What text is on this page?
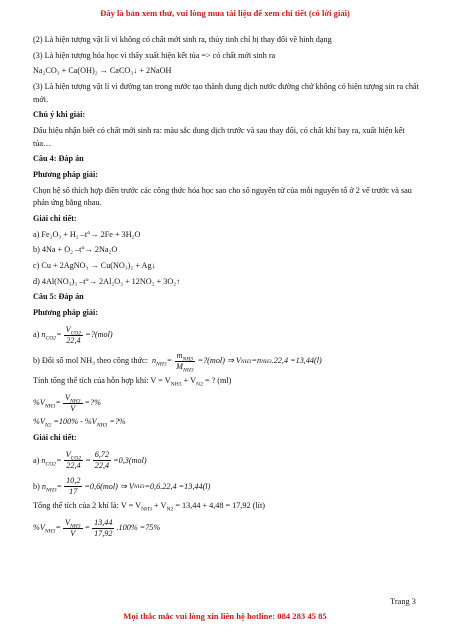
Đây là bản xem thử, vui lòng mua tài liệu để xem chi tiết (có lời giải)

(2) Là hiện tượng vật lí vì không có chất mới sinh ra, thủy tinh chỉ bị thay đổi về hình dạng

(3) Là hiện tượng hóa học vì thấy xuất hiện kết tủa => có chất mới sinh ra

Na₂CO₃ + Ca(OH)₂ → CaCO₃↓ + 2NaOH

(3) Là hiện tượng vật lí vì đường tan trong nước tạo thành dung dịch nước đường chứ không có hiện tượng sin ra chất mới.

Chú ý khi giải:

Dấu hiệu nhận biết có chất mới sinh ra: màu sắc dung dịch trước và sau thay đổi, có chất khí bay ra, xuất hiện kết tủa…

Câu 4: Đáp án

Phương pháp giải:

Chọn hệ số thích hợp điền trước các công thức hóa học sao cho số nguyên tử của mỗi nguyên tố ở 2 vế trước và sau phản ứng bằng nhau.

Giải chi tiết:

a) Fe₂O₃ + H₂ –t°→ 2Fe + 3H₂O

b) 4Na + O₂ –t°→ 2Na₂O

c) Cu + 2AgNO₃ → Cu(NO₃)₂ + Ag↓

d) 4Al(NO₃)₃ –t°→ 2Al₂O₃ + 12NO₂ + 3O₂↑

Câu 5: Đáp án

Phương pháp giải:

a)
$n_{CO2} = \frac{V_{CO2}}{22,4}$ =?(mol)
b) Đổi số mol NH₃ theo công thức:
$n_{NH3} = \frac{m_{NH3}}{M_{NH3}}$ =?(mol) ⇒ V NH3 =n NH3 .22,4 =13,44(l)

Tính tổng thể tích của hỗn hợp khí: $V = V_{NH3} + V_{N2}$ = ? (ml)

$\%V_{NH3} = \frac{V_{NH3}}{V}$ =?%

$\%V_{N2} =100\% - \%V_{NH3}$ =?%

Giải chi tiết:

a)
$n_{CO2} = \frac{V_{CO2}}{22,4} = \frac{6,72}{22,4} =0,3(mol)$
b)
$n_{NH3} = \frac{10,2}{17} =0,6(mol)$ ⇒ V NH3 =0,6.22,4 =13,44(l)

Tổng thể tích của 2 khí là: $V = V_{NH3} + V_{N2} = 13,44 + 4,48 = 17,92$ (lít)

$\%V_{NH3} = \frac{V_{NH3}}{V} = \frac{13,44}{17,92} .100\% =75\%$
Trang 3
Mọi thắc mắc vui lòng xin liên hệ hotline: 084 283 45 85
